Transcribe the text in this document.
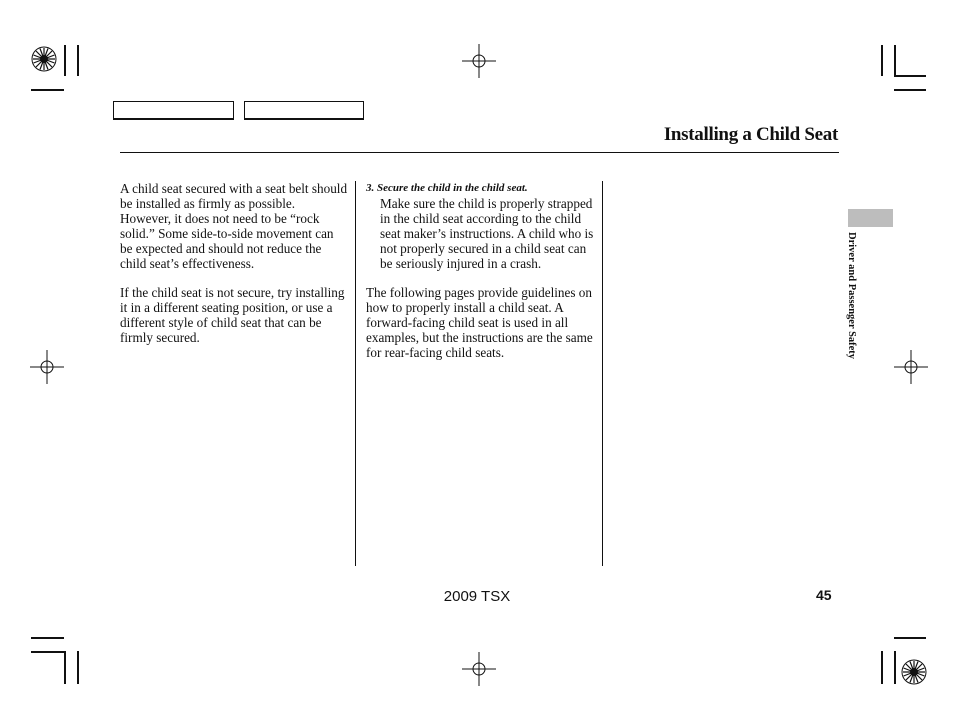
Installing a Child Seat

A child seat secured with a seat belt should be installed as firmly as possible. However, it does not need to be “rock solid.” Some side-to-side movement can be expected and should not reduce the child seat’s effectiveness.

If the child seat is not secure, try installing it in a different seating position, or use a different style of child seat that can be firmly secured.

3. Secure the child in the child seat.
Make sure the child is properly strapped in the child seat according to the child seat maker’s instructions. A child who is not properly secured in a child seat can be seriously injured in a crash.

The following pages provide guidelines on how to properly install a child seat. A forward-facing child seat is used in all examples, but the instructions are the same for rear-facing child seats.	Driver and Passenger Safety
2009 TSX	45
